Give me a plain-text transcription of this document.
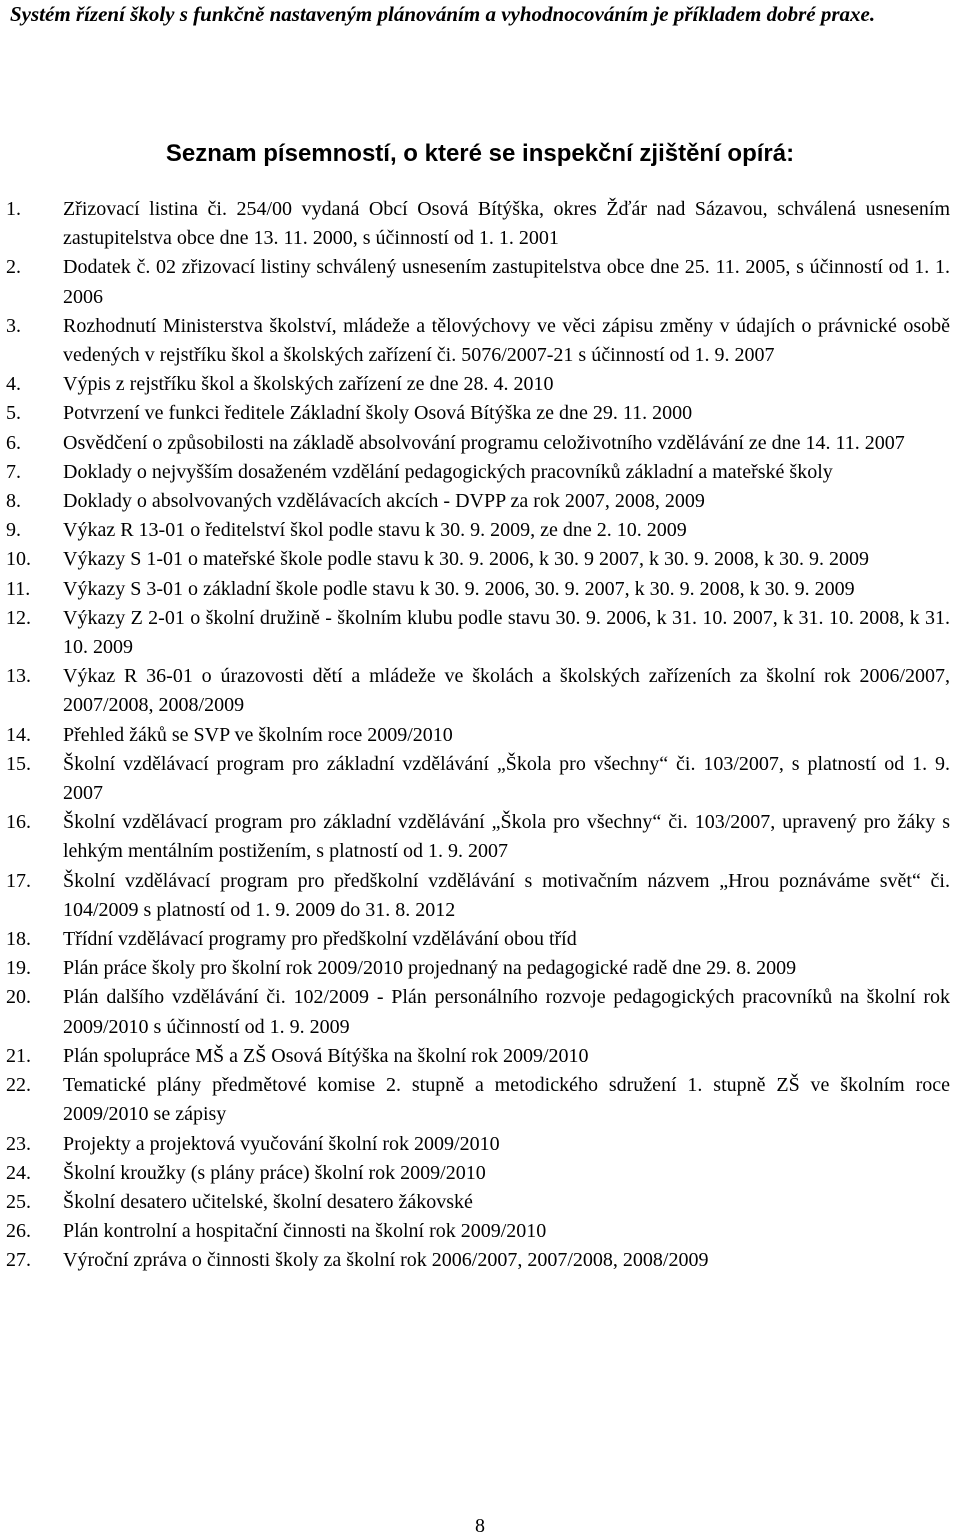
Systém řízení školy s funkčně nastaveným plánováním a vyhodnocováním je příkladem dobré praxe.

Seznam písemností, o které se inspekční zjištění opírá:
1.	Zřizovací listina či. 254/00 vydaná Obcí Osová Bítýška, okres Žďár nad Sázavou, schválená usnesením zastupitelstva obce dne 13. 11. 2000, s účinností od 1. 1. 2001
2.	Dodatek č. 02 zřizovací listiny schválený usnesením zastupitelstva obce dne 25. 11. 2005, s účinností od 1. 1. 2006
3.	Rozhodnutí Ministerstva školství, mládeže a tělovýchovy ve věci zápisu změny v údajích o právnické osobě vedených v rejstříku škol a školských zařízení či. 5076/2007-21 s účinností od 1. 9. 2007
4.	Výpis z rejstříku škol a školských zařízení ze dne 28. 4. 2010
5.	Potvrzení ve funkci ředitele Základní školy Osová Bítýška ze dne 29. 11. 2000
6.	Osvědčení o způsobilosti na základě absolvování programu celoživotního vzdělávání ze dne 14. 11. 2007
7.	Doklady o nejvyšším dosaženém vzdělání pedagogických pracovníků základní a mateřské školy
8.	Doklady o absolvovaných vzdělávacích akcích - DVPP za rok 2007, 2008, 2009
9.	Výkaz R 13-01 o ředitelství škol podle stavu k 30. 9. 2009, ze dne 2. 10. 2009
10.	Výkazy S 1-01 o mateřské škole podle stavu k 30. 9. 2006, k 30. 9 2007, k 30. 9. 2008, k 30. 9. 2009
11.	Výkazy S 3-01 o základní škole podle stavu k 30. 9. 2006, 30. 9. 2007, k 30. 9. 2008, k 30. 9. 2009
12.	Výkazy Z 2-01 o školní družině - školním klubu podle stavu 30. 9. 2006, k 31. 10. 2007, k 31. 10. 2008, k 31. 10. 2009
13.	Výkaz R 36-01 o úrazovosti dětí a mládeže ve školách a školských zařízeních za školní rok 2006/2007, 2007/2008, 2008/2009
14.	Přehled žáků se SVP ve školním roce 2009/2010
15.	Školní vzdělávací program pro základní vzdělávání „Škola pro všechny“ či. 103/2007, s platností od 1. 9. 2007
16.	Školní vzdělávací program pro základní vzdělávání „Škola pro všechny“ či. 103/2007, upravený pro žáky s lehkým mentálním postižením, s platností od 1. 9. 2007
17.	Školní vzdělávací program pro předškolní vzdělávání s motivačním názvem „Hrou poznáváme svět“ či. 104/2009 s platností od 1. 9. 2009 do 31. 8. 2012
18.	Třídní vzdělávací programy pro předškolní vzdělávání obou tříd
19.	Plán práce školy pro školní rok 2009/2010 projednaný na pedagogické radě dne 29. 8. 2009
20.	Plán dalšího vzdělávání či. 102/2009 - Plán personálního rozvoje pedagogických pracovníků na školní rok 2009/2010 s účinností od 1. 9. 2009
21.	Plán spolupráce MŠ a ZŠ Osová Bítýška na školní rok 2009/2010
22.	Tematické plány předmětové komise 2. stupně a metodického sdružení 1. stupně ZŠ ve školním roce 2009/2010 se zápisy
23.	Projekty a projektová vyučování školní rok 2009/2010
24.	Školní kroužky (s plány práce) školní rok 2009/2010
25.	Školní desatero učitelské, školní desatero žákovské
26.	Plán kontrolní a hospitační činnosti na školní rok 2009/2010
27.	Výroční zpráva o činnosti školy za školní rok 2006/2007, 2007/2008, 2008/2009
8
